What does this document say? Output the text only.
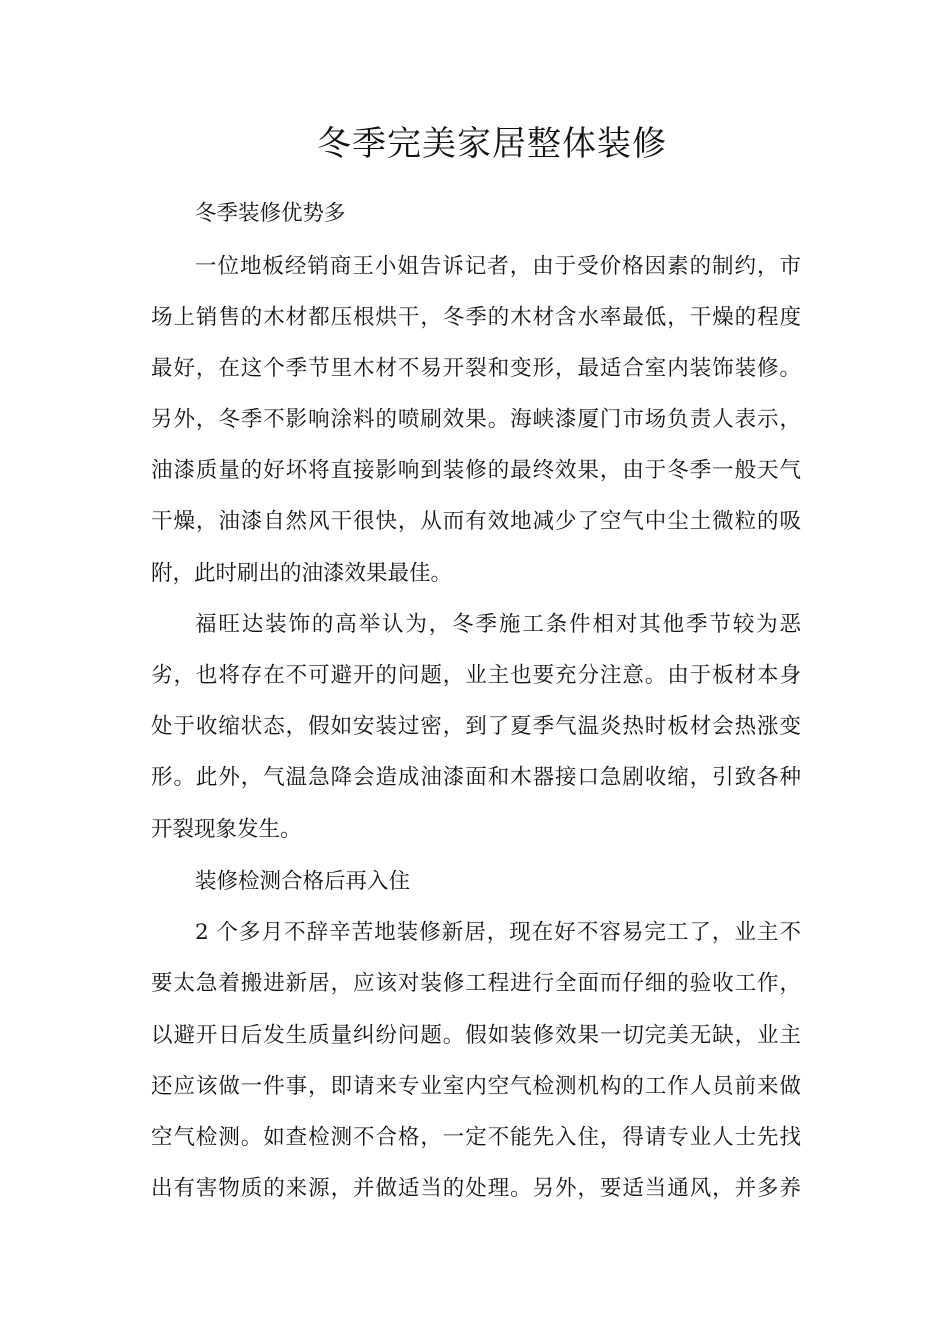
冬季完美家居整体装修
冬季装修优势多
一位地板经销商王小姐告诉记者，由于受价格因素的制约，市
场上销售的木材都压根烘干，冬季的木材含水率最低，干燥的程度
最好，在这个季节里木材不易开裂和变形，最适合室内装饰装修。
另外，冬季不影响涂料的喷刷效果。海峡漆厦门市场负责人表示，
油漆质量的好坏将直接影响到装修的最终效果，由于冬季一般天气
干燥，油漆自然风干很快，从而有效地减少了空气中尘土微粒的吸
附，此时刷出的油漆效果最佳。
福旺达装饰的高举认为，冬季施工条件相对其他季节较为恶
劣，也将存在不可避开的问题，业主也要充分注意。由于板材本身
处于收缩状态，假如安装过密，到了夏季气温炎热时板材会热涨变
形。此外，气温急降会造成油漆面和木器接口急剧收缩，引致各种
开裂现象发生。
装修检测合格后再入住
2 个多月不辞辛苦地装修新居，现在好不容易完工了，业主不
要太急着搬进新居，应该对装修工程进行全面而仔细的验收工作，
以避开日后发生质量纠纷问题。假如装修效果一切完美无缺，业主
还应该做一件事，即请来专业室内空气检测机构的工作人员前来做
空气检测。如查检测不合格，一定不能先入住，得请专业人士先找
出有害物质的来源，并做适当的处理。另外，要适当通风，并多养
